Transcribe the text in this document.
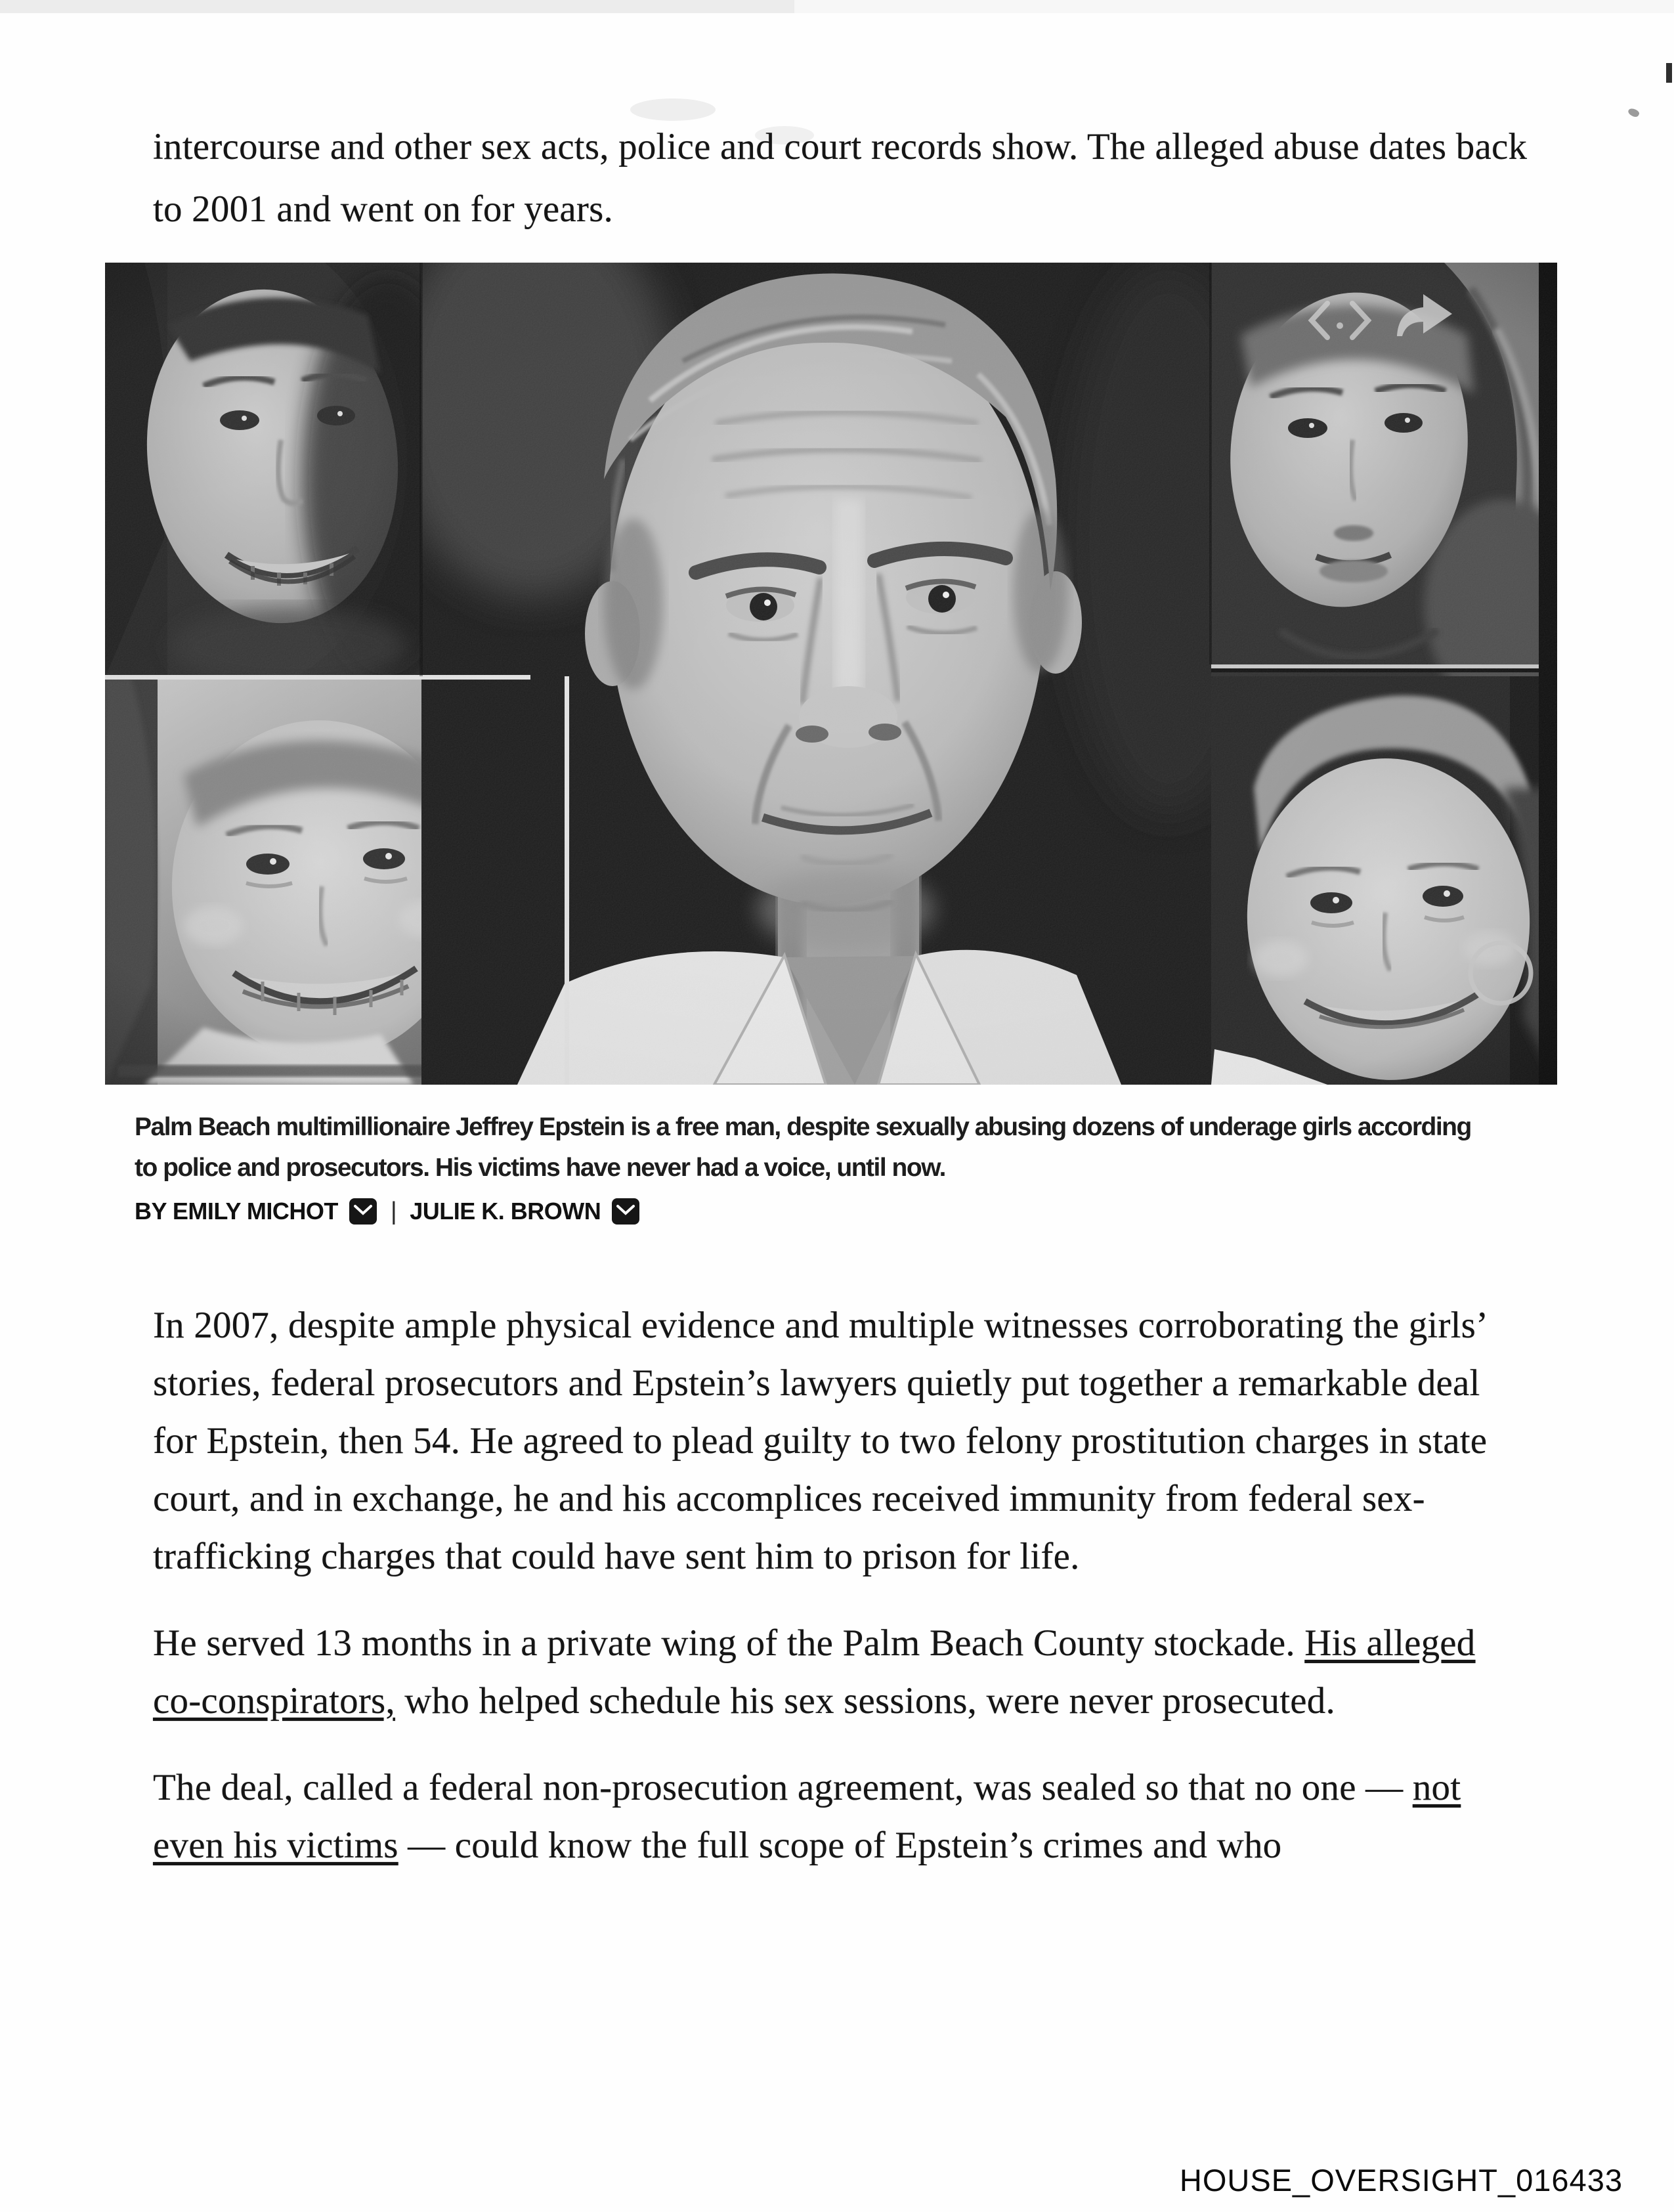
intercourse and other sex acts, police and court records show. The alleged abuse dates back to 2001 and went on for years.

Palm Beach multimillionaire Jeffrey Epstein is a free man, despite sexually abusing dozens of underage girls according to police and prosecutors. His victims have never had a voice, until now.

BY EMILY MICHOT | JULIE K. BROWN

In 2007, despite ample physical evidence and multiple witnesses corroborating the girls’ stories, federal prosecutors and Epstein’s lawyers quietly put together a remarkable deal for Epstein, then 54. He agreed to plead guilty to two felony prostitution charges in state court, and in exchange, he and his accomplices received immunity from federal sex-trafficking charges that could have sent him to prison for life.

He served 13 months in a private wing of the Palm Beach County stockade. His alleged co-conspirators, who helped schedule his sex sessions, were never prosecuted.

The deal, called a federal non-prosecution agreement, was sealed so that no one — not even his victims — could know the full scope of Epstein’s crimes and who

HOUSE_OVERSIGHT_016433
